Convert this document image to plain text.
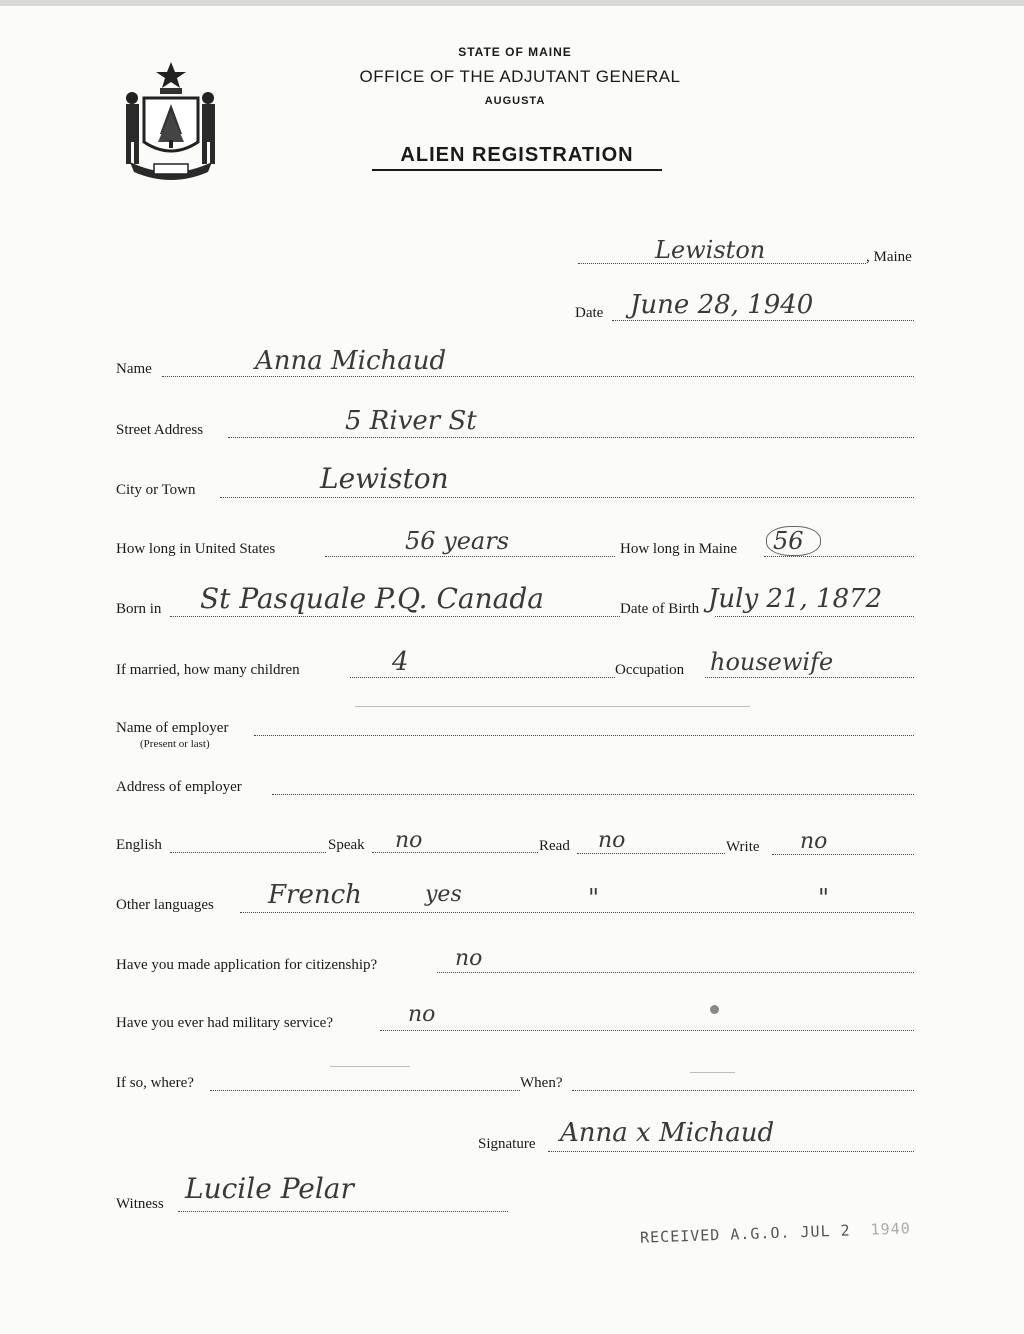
STATE OF MAINE
OFFICE OF THE ADJUTANT GENERAL
AUGUSTA
ALIEN REGISTRATION
Lewiston	, Maine
Date June 28, 1940
Name	Anna Michaud
Street Address	5 River St
City or Town	Lewiston
How long in United States	56 years	How long in Maine 56
Born in St Pasquale P.Q. Canada	Date of Birth July 21, 1872
If married, how many children	4	Occupation housewife
Name of employer
(Present or last)
Address of employer
English	Speak no	Read no	Write no
Other languages French	yes	"	"
Have you made application for citizenship?	no
Have you ever had military service?	no
If so, where?	When?
Signature Anna x Michaud
Witness Lucile Pelar
RECEIVED A.G.O. JUL 2 1940
